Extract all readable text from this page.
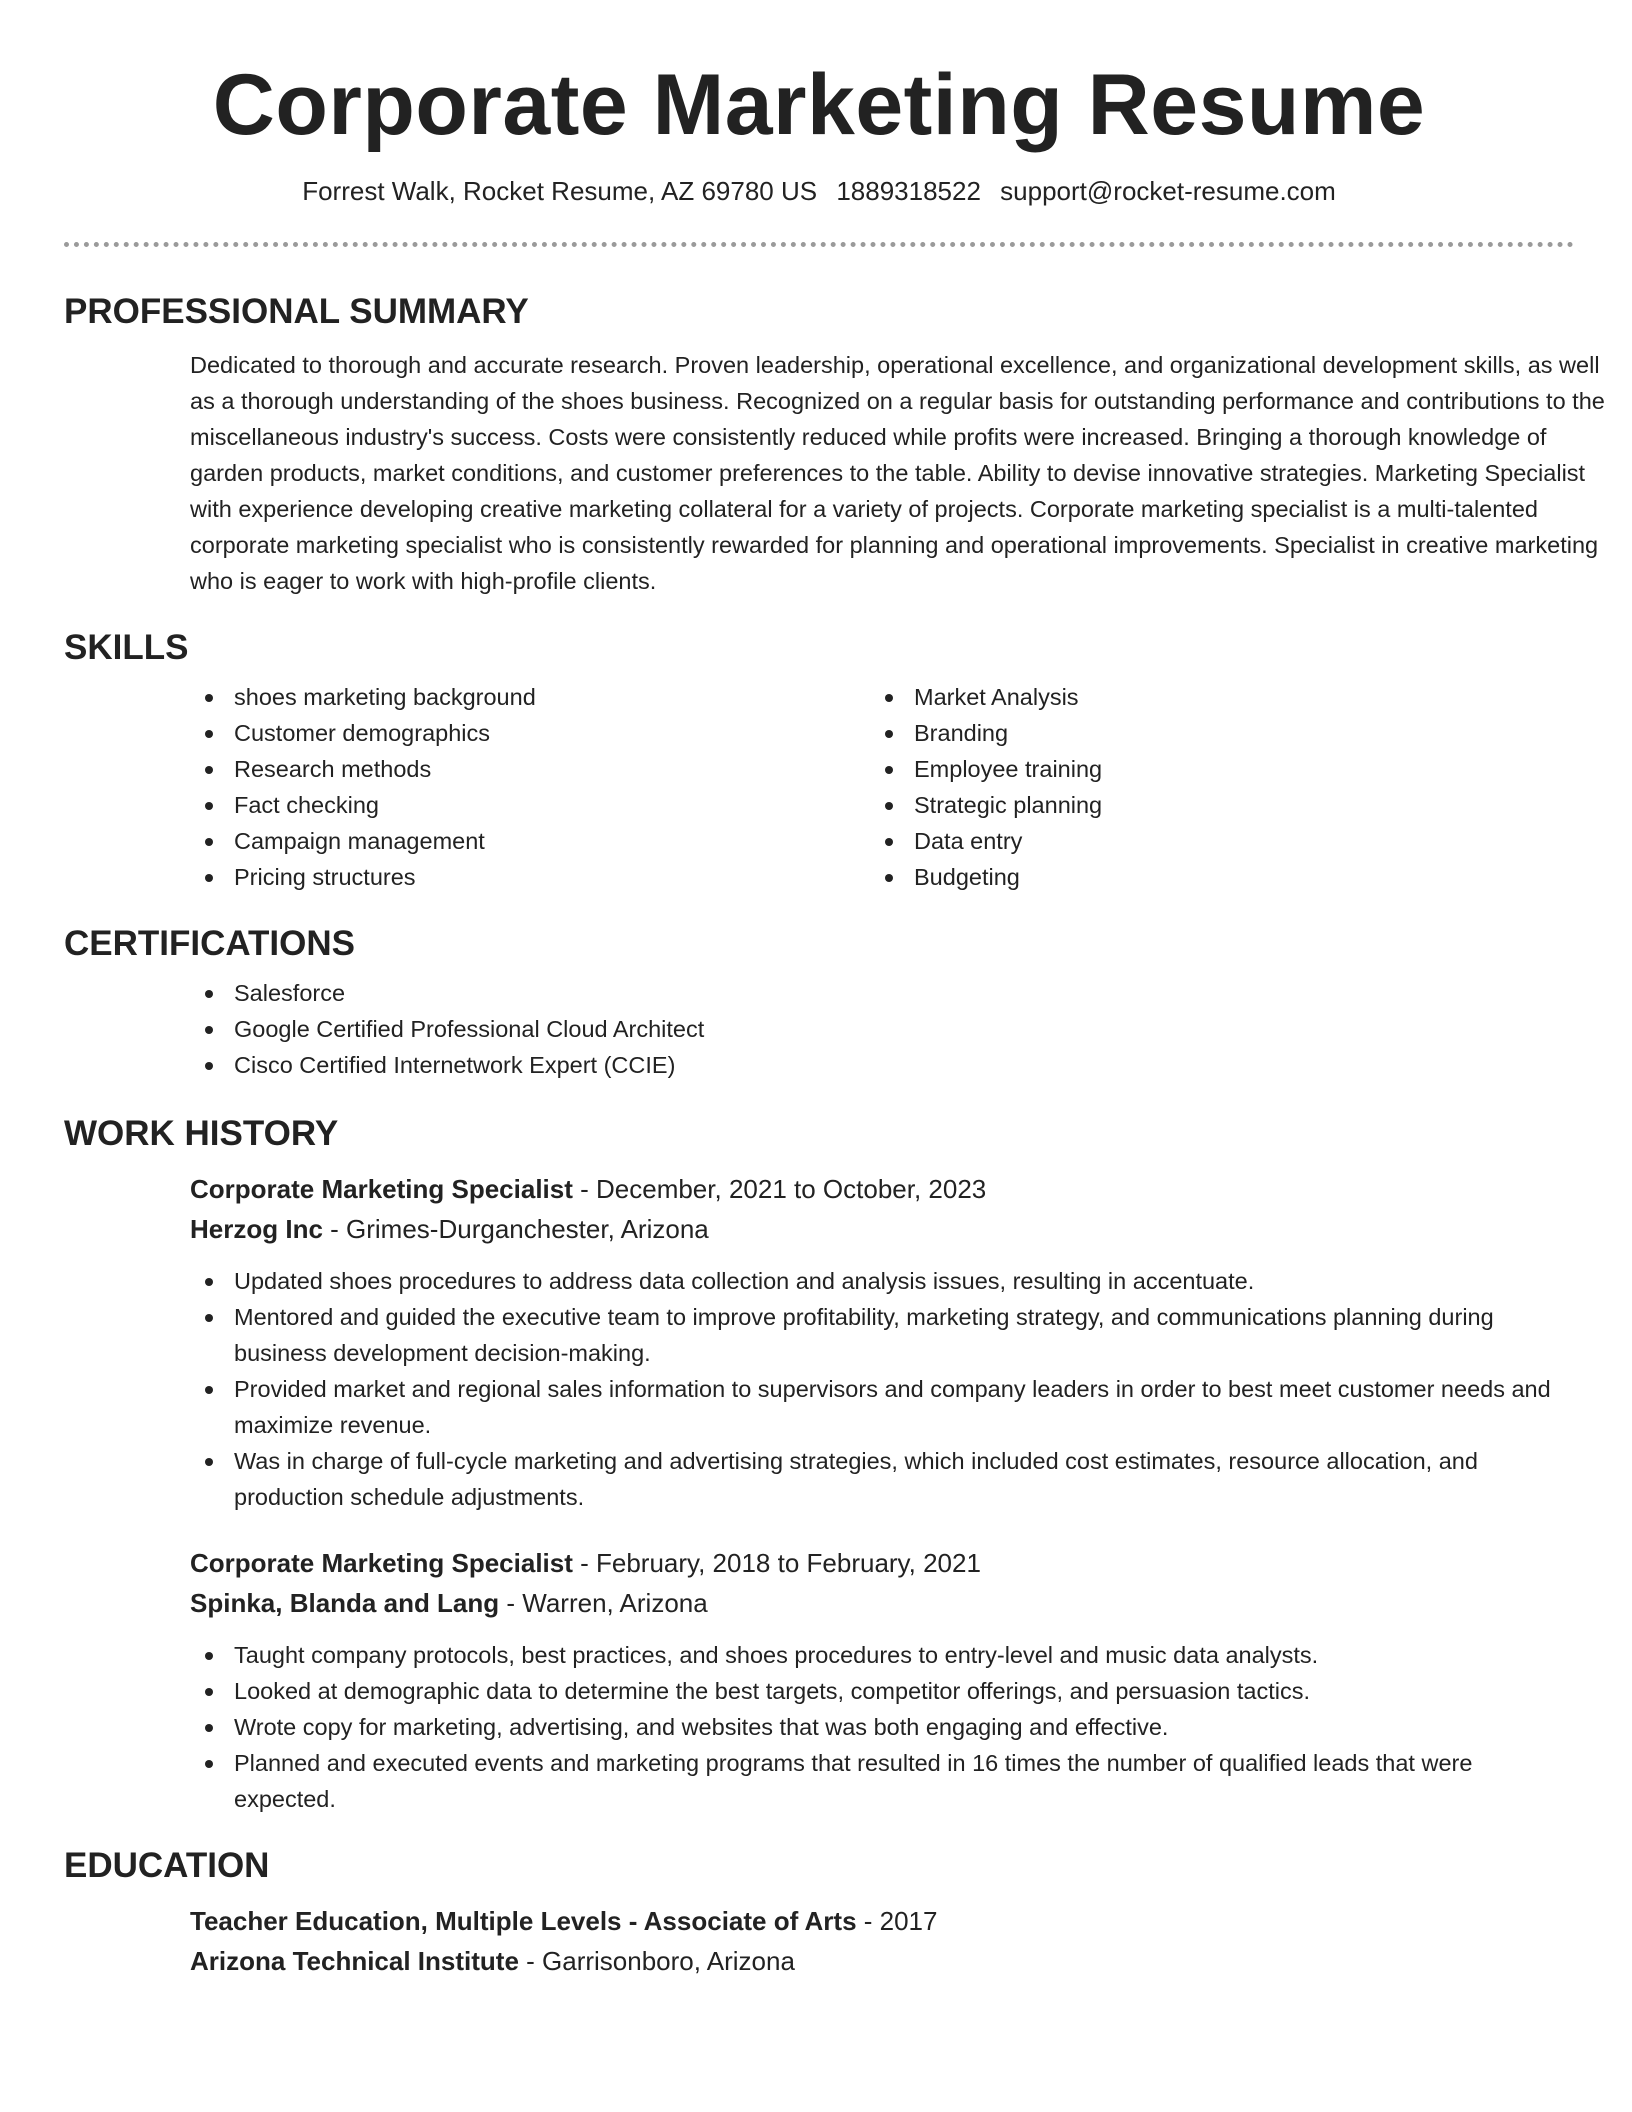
Corporate Marketing Resume
Forrest Walk, Rocket Resume, AZ 69780 US 1889318522 support@rocket-resume.com
PROFESSIONAL SUMMARY

Dedicated to thorough and accurate research. Proven leadership, operational excellence, and organizational development skills, as well as a thorough understanding of the shoes business. Recognized on a regular basis for outstanding performance and contributions to the miscellaneous industry's success. Costs were consistently reduced while profits were increased. Bringing a thorough knowledge of garden products, market conditions, and customer preferences to the table. Ability to devise innovative strategies. Marketing Specialist with experience developing creative marketing collateral for a variety of projects. Corporate marketing specialist is a multi-talented corporate marketing specialist who is consistently rewarded for planning and operational improvements. Specialist in creative marketing who is eager to work with high-profile clients.

SKILLS
shoes marketing background
Customer demographics
Research methods
Fact checking
Campaign management
Pricing structures
Market Analysis
Branding
Employee training
Strategic planning
Data entry
Budgeting
CERTIFICATIONS
Salesforce
Google Certified Professional Cloud Architect
Cisco Certified Internetwork Expert (CCIE)
WORK HISTORY
Corporate Marketing Specialist - December, 2021 to October, 2023
Herzog Inc - Grimes-Durganchester, Arizona
Updated shoes procedures to address data collection and analysis issues, resulting in accentuate.
Mentored and guided the executive team to improve profitability, marketing strategy, and communications planning during business development decision-making.
Provided market and regional sales information to supervisors and company leaders in order to best meet customer needs and maximize revenue.
Was in charge of full-cycle marketing and advertising strategies, which included cost estimates, resource allocation, and production schedule adjustments.
Corporate Marketing Specialist - February, 2018 to February, 2021
Spinka, Blanda and Lang - Warren, Arizona
Taught company protocols, best practices, and shoes procedures to entry-level and music data analysts.
Looked at demographic data to determine the best targets, competitor offerings, and persuasion tactics.
Wrote copy for marketing, advertising, and websites that was both engaging and effective.
Planned and executed events and marketing programs that resulted in 16 times the number of qualified leads that were expected.
EDUCATION
Teacher Education, Multiple Levels - Associate of Arts - 2017
Arizona Technical Institute - Garrisonboro, Arizona
